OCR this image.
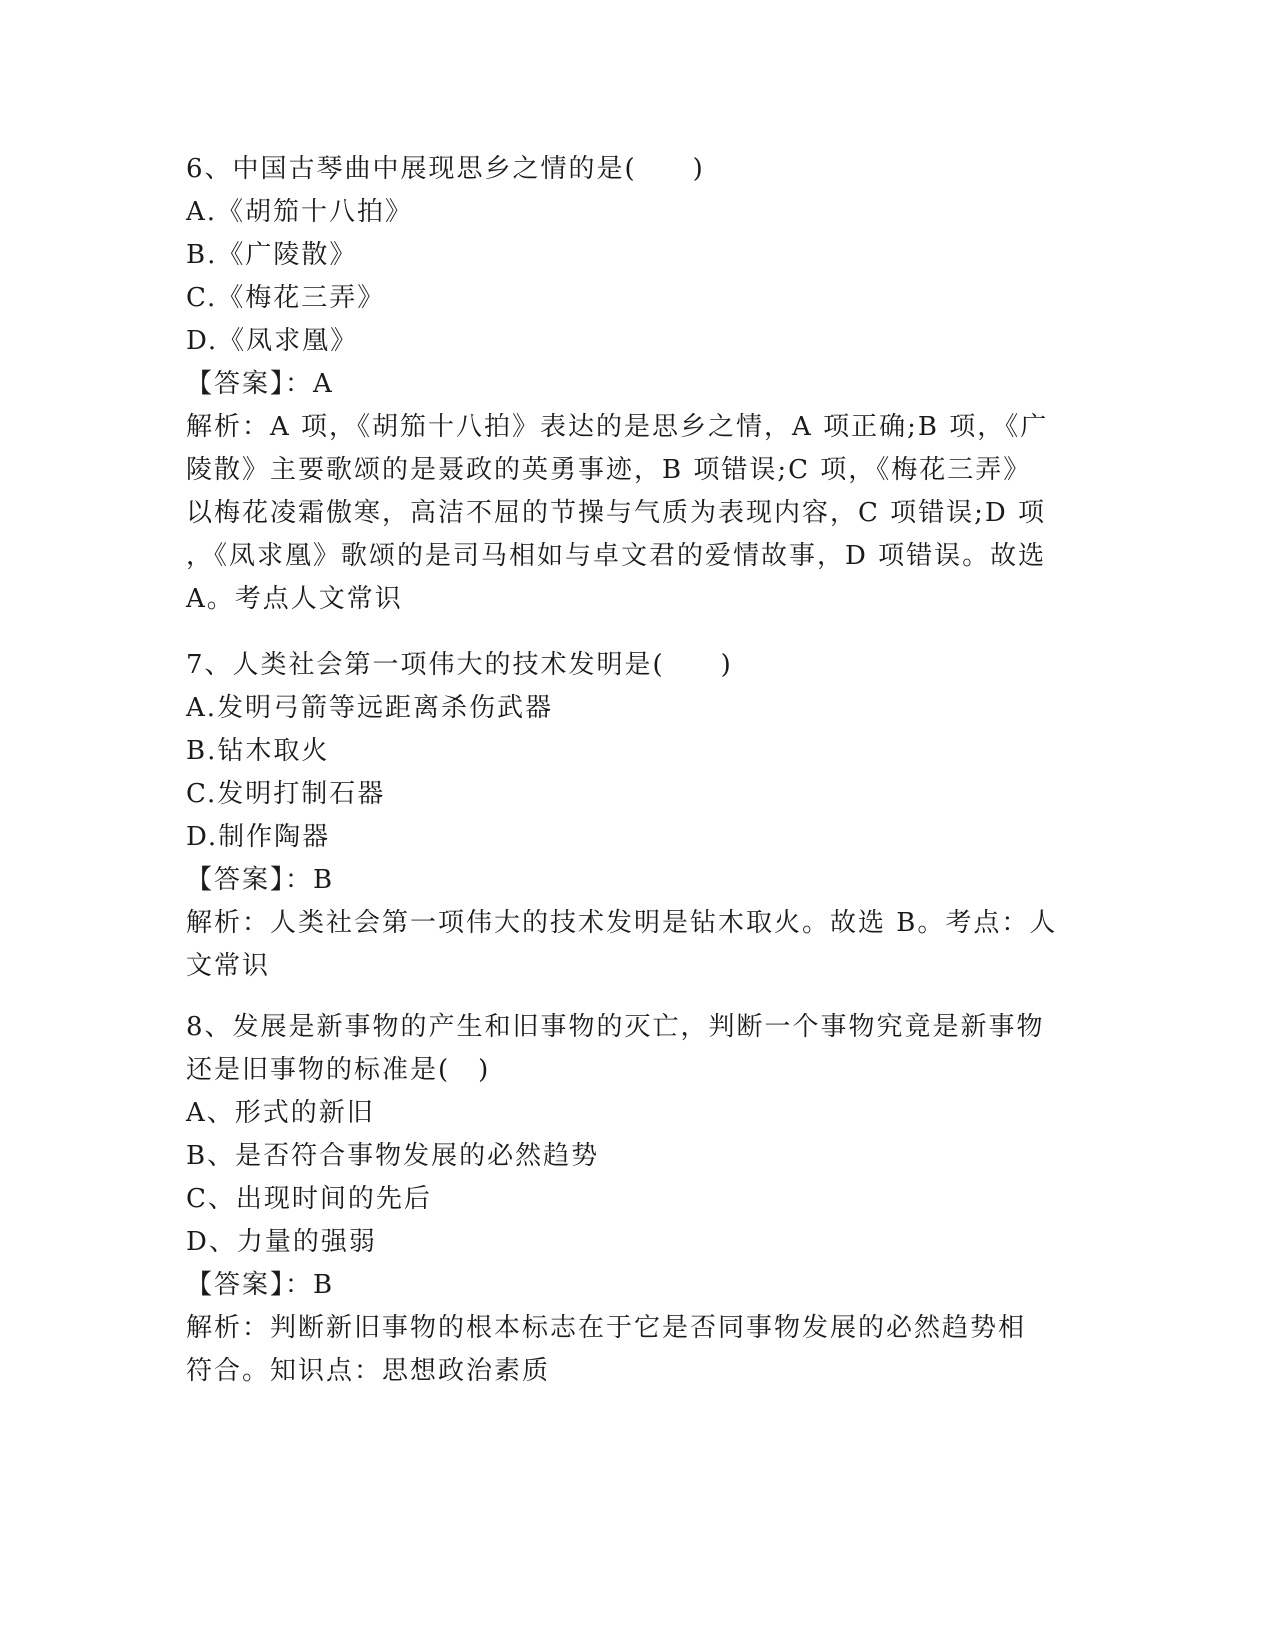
6、中国古琴曲中展现思乡之情的是(　　)
A.《胡笳十八拍》
B.《广陵散》
C.《梅花三弄》
D.《凤求凰》
【答案】：A
解析：A 项，《胡笳十八拍》表达的是思乡之情，A 项正确;B 项，《广
陵散》主要歌颂的是聂政的英勇事迹，B 项错误;C 项，《梅花三弄》
以梅花凌霜傲寒，高洁不屈的节操与气质为表现内容，C 项错误;D 项
，《凤求凰》歌颂的是司马相如与卓文君的爱情故事，D 项错误。故选
A。考点人文常识
7、人类社会第一项伟大的技术发明是(　　)
A.发明弓箭等远距离杀伤武器
B.钻木取火
C.发明打制石器
D.制作陶器
【答案】：B
解析：人类社会第一项伟大的技术发明是钻木取火。故选 B。考点：人
文常识
8、发展是新事物的产生和旧事物的灭亡，判断一个事物究竟是新事物
还是旧事物的标准是(　)
A、形式的新旧
B、是否符合事物发展的必然趋势
C、出现时间的先后
D、力量的强弱
【答案】：B
解析：判断新旧事物的根本标志在于它是否同事物发展的必然趋势相
符合。知识点：思想政治素质
